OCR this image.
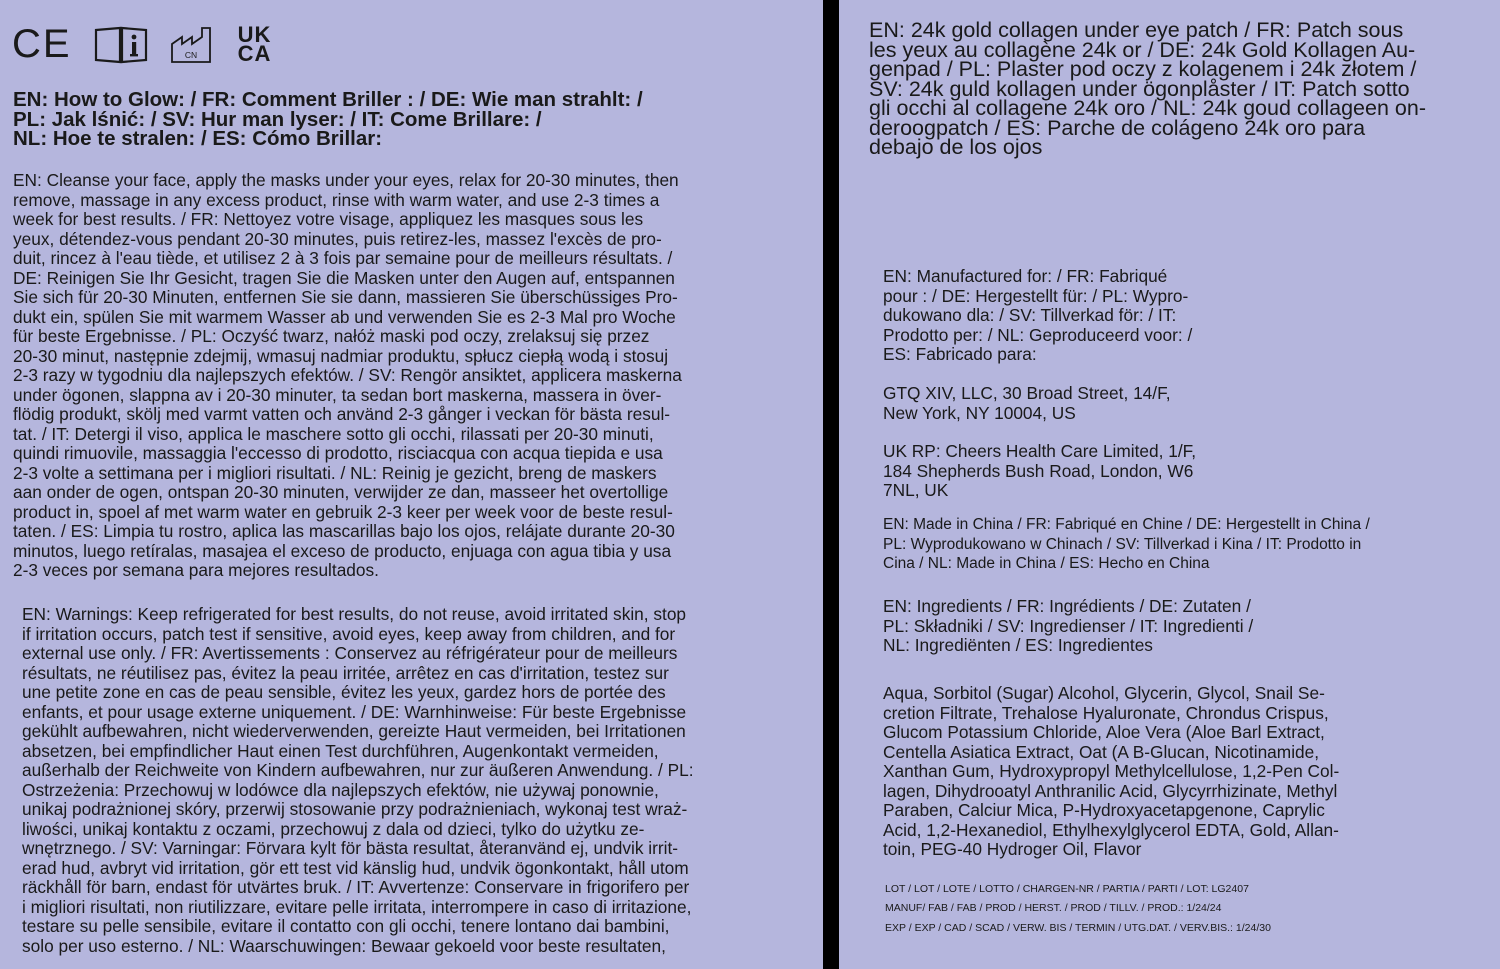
CE	CN
UK
CA
EN: How to Glow: / FR: Comment Briller : / DE: Wie man strahlt: /
PL: Jak lśnić: / SV: Hur man lyser: / IT: Come Brillare: /
NL: Hoe te stralen: / ES: Cómo Brillar:
EN: Cleanse your face, apply the masks under your eyes, relax for 20-30 minutes, then
remove, massage in any excess product, rinse with warm water, and use 2-3 times a
week for best results. / FR: Nettoyez votre visage, appliquez les masques sous les
yeux, détendez-vous pendant 20-30 minutes, puis retirez-les, massez l'excès de pro-
duit, rincez à l'eau tiède, et utilisez 2 à 3 fois par semaine pour de meilleurs résultats. /
DE: Reinigen Sie Ihr Gesicht, tragen Sie die Masken unter den Augen auf, entspannen
Sie sich für 20-30 Minuten, entfernen Sie sie dann, massieren Sie überschüssiges Pro-
dukt ein, spülen Sie mit warmem Wasser ab und verwenden Sie es 2-3 Mal pro Woche
für beste Ergebnisse. / PL: Oczyść twarz, nałóż maski pod oczy, zrelaksuj się przez
20-30 minut, następnie zdejmij, wmasuj nadmiar produktu, spłucz ciepłą wodą i stosuj
2-3 razy w tygodniu dla najlepszych efektów. / SV: Rengör ansiktet, applicera maskerna
under ögonen, slappna av i 20-30 minuter, ta sedan bort maskerna, massera in över-
flödig produkt, skölj med varmt vatten och använd 2-3 gånger i veckan för bästa resul-
tat. / IT: Detergi il viso, applica le maschere sotto gli occhi, rilassati per 20-30 minuti,
quindi rimuovile, massaggia l'eccesso di prodotto, risciacqua con acqua tiepida e usa
2-3 volte a settimana per i migliori risultati. / NL: Reinig je gezicht, breng de maskers
aan onder de ogen, ontspan 20-30 minuten, verwijder ze dan, masseer het overtollige
product in, spoel af met warm water en gebruik 2-3 keer per week voor de beste resul-
taten. / ES: Limpia tu rostro, aplica las mascarillas bajo los ojos, relájate durante 20-30
minutos, luego retíralas, masajea el exceso de producto, enjuaga con agua tibia y usa
2-3 veces por semana para mejores resultados.
EN: Warnings: Keep refrigerated for best results, do not reuse, avoid irritated skin, stop
if irritation occurs, patch test if sensitive, avoid eyes, keep away from children, and for
external use only. / FR: Avertissements : Conservez au réfrigérateur pour de meilleurs
résultats, ne réutilisez pas, évitez la peau irritée, arrêtez en cas d'irritation, testez sur
une petite zone en cas de peau sensible, évitez les yeux, gardez hors de portée des
enfants, et pour usage externe uniquement. / DE: Warnhinweise: Für beste Ergebnisse
gekühlt aufbewahren, nicht wiederverwenden, gereizte Haut vermeiden, bei Irritationen
absetzen, bei empfindlicher Haut einen Test durchführen, Augenkontakt vermeiden,
außerhalb der Reichweite von Kindern aufbewahren, nur zur äußeren Anwendung. / PL:
Ostrzeżenia: Przechowuj w lodówce dla najlepszych efektów, nie używaj ponownie,
unikaj podrażnionej skóry, przerwij stosowanie przy podrażnieniach, wykonaj test wraż-
liwości, unikaj kontaktu z oczami, przechowuj z dala od dzieci, tylko do użytku ze-
wnętrznego. / SV: Varningar: Förvara kylt för bästa resultat, återanvänd ej, undvik irrit-
erad hud, avbryt vid irritation, gör ett test vid känslig hud, undvik ögonkontakt, håll utom
räckhåll för barn, endast för utvärtes bruk. / IT: Avvertenze: Conservare in frigorifero per
i migliori risultati, non riutilizzare, evitare pelle irritata, interrompere in caso di irritazione,
testare su pelle sensibile, evitare il contatto con gli occhi, tenere lontano dai bambini,
solo per uso esterno. / NL: Waarschuwingen: Bewaar gekoeld voor beste resultaten,
EN: 24k gold collagen under eye patch / FR: Patch sous
les yeux au collagène 24k or / DE: 24k Gold Kollagen Au-
genpad / PL: Plaster pod oczy z kolagenem i 24k złotem /
SV: 24k guld kollagen under ögonplåster / IT: Patch sotto
gli occhi al collagene 24k oro / NL: 24k goud collageen on-
deroogpatch / ES: Parche de colágeno 24k oro para
debajo de los ojos
EN: Manufactured for: / FR: Fabriqué
pour : / DE: Hergestellt für: / PL: Wypro-
dukowano dla: / SV: Tillverkad för: / IT:
Prodotto per: / NL: Geproduceerd voor: /
ES: Fabricado para:
GTQ XIV, LLC, 30 Broad Street, 14/F,
New York, NY 10004, US
UK RP: Cheers Health Care Limited, 1/F,
184 Shepherds Bush Road, London, W6
7NL, UK
EN: Made in China / FR: Fabriqué en Chine / DE: Hergestellt in China /
PL: Wyprodukowano w Chinach / SV: Tillverkad i Kina / IT: Prodotto in
Cina / NL: Made in China / ES: Hecho en China
EN: Ingredients / FR: Ingrédients / DE: Zutaten /
PL: Składniki / SV: Ingredienser / IT: Ingredienti /
NL: Ingrediënten / ES: Ingredientes
Aqua, Sorbitol (Sugar) Alcohol, Glycerin, Glycol, Snail Se-
cretion Filtrate, Trehalose Hyaluronate, Chrondus Crispus,
Glucom Potassium Chloride, Aloe Vera (Aloe Barl Extract,
Centella Asiatica Extract, Oat (A B-Glucan, Nicotinamide,
Xanthan Gum, Hydroxypropyl Methylcellulose, 1,2-Pen Col-
lagen, Dihydrooatyl Anthranilic Acid, Glycyrrhizinate, Methyl
Paraben, Calciur Mica, P-Hydroxyacetapgenone, Caprylic
Acid, 1,2-Hexanediol, Ethylhexylglycerol EDTA, Gold, Allan-
toin, PEG-40 Hydroger Oil, Flavor
LOT / LOT / LOTE / LOTTO / CHARGEN-NR / PARTIA / PARTI / LOT: LG2407
MANUF/ FAB / FAB / PROD / HERST. / PROD / TILLV. / PROD.: 1/24/24
EXP / EXP / CAD / SCAD / VERW. BIS / TERMIN / UTG.DAT. / VERV.BIS.: 1/24/30
